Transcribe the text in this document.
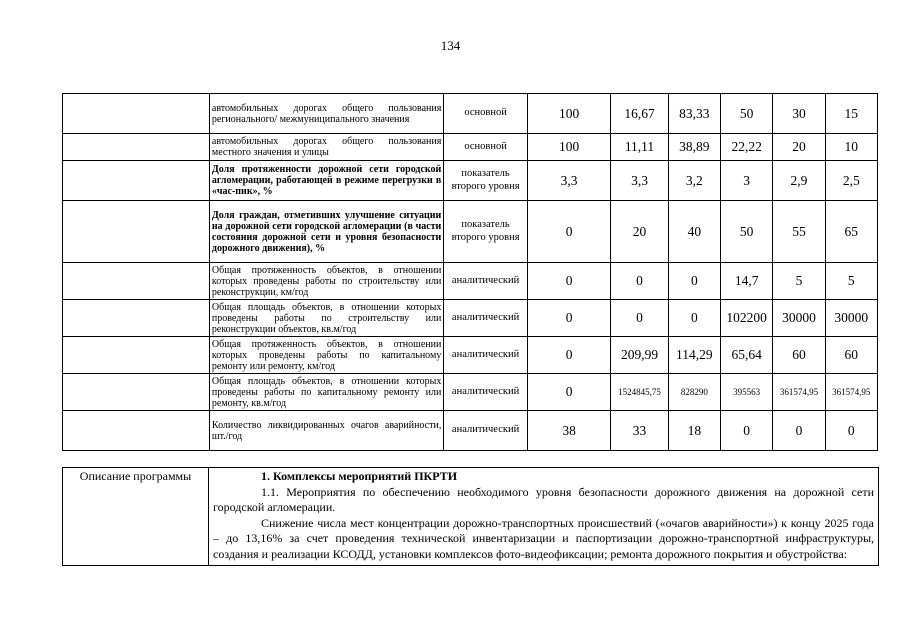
134
	автомобильных дорогах общего пользования регионального/ межмуниципального значения	основной	100	16,67	83,33	50	30	15
	автомобильных дорогах общего пользования местного значения и улицы	основной	100	11,11	38,89	22,22	20	10
	Доля протяженности дорожной сети городской агломерации, работающей в режиме перегрузки в «час-пик», %	показатель второго уровня	3,3	3,3	3,2	3	2,9	2,5
	Доля граждан, отметивших улучшение ситуации на дорожной сети городской агломерации (в части состояния дорожной сети и уровня безопасности дорожного движения), %	показатель второго уровня	0	20	40	50	55	65
	Общая протяженность объектов, в отношении которых проведены работы по строительству или реконструкции, км/год	аналитический	0	0	0	14,7	5	5
	Общая площадь объектов, в отношении которых проведены работы по строительству или реконструкции объектов, кв.м/год	аналитический	0	0	0	102200	30000	30000
	Общая протяженность объектов, в отношении которых проведены работы по капитальному ремонту или ремонту, км/год	аналитический	0	209,99	114,29	65,64	60	60
	Общая площадь объектов, в отношении которых проведены работы по капитальному ремонту или ремонту, кв.м/год	аналитический	0	1524845,75	828290	395563	361574,95	361574,95
	Количество ликвидированных очагов аварийности, шт./год	аналитический	38	33	18	0	0	0
Описание программы	1. Комплексы мероприятий ПКРТИ

1.1. Мероприятия по обеспечению необходимого уровня безопасности дорожного движения на дорожной сети городской агломерации.

Снижение числа мест концентрации дорожно-транспортных происшествий («очагов аварийности») к концу 2025 года – до 13,16% за счет проведения технической инвентаризации и паспортизации дорожно-транспортной инфраструктуры, создания и реализации КСОДД, установки комплексов фото-видеофиксации; ремонта дорожного покрытия и обустройства:
